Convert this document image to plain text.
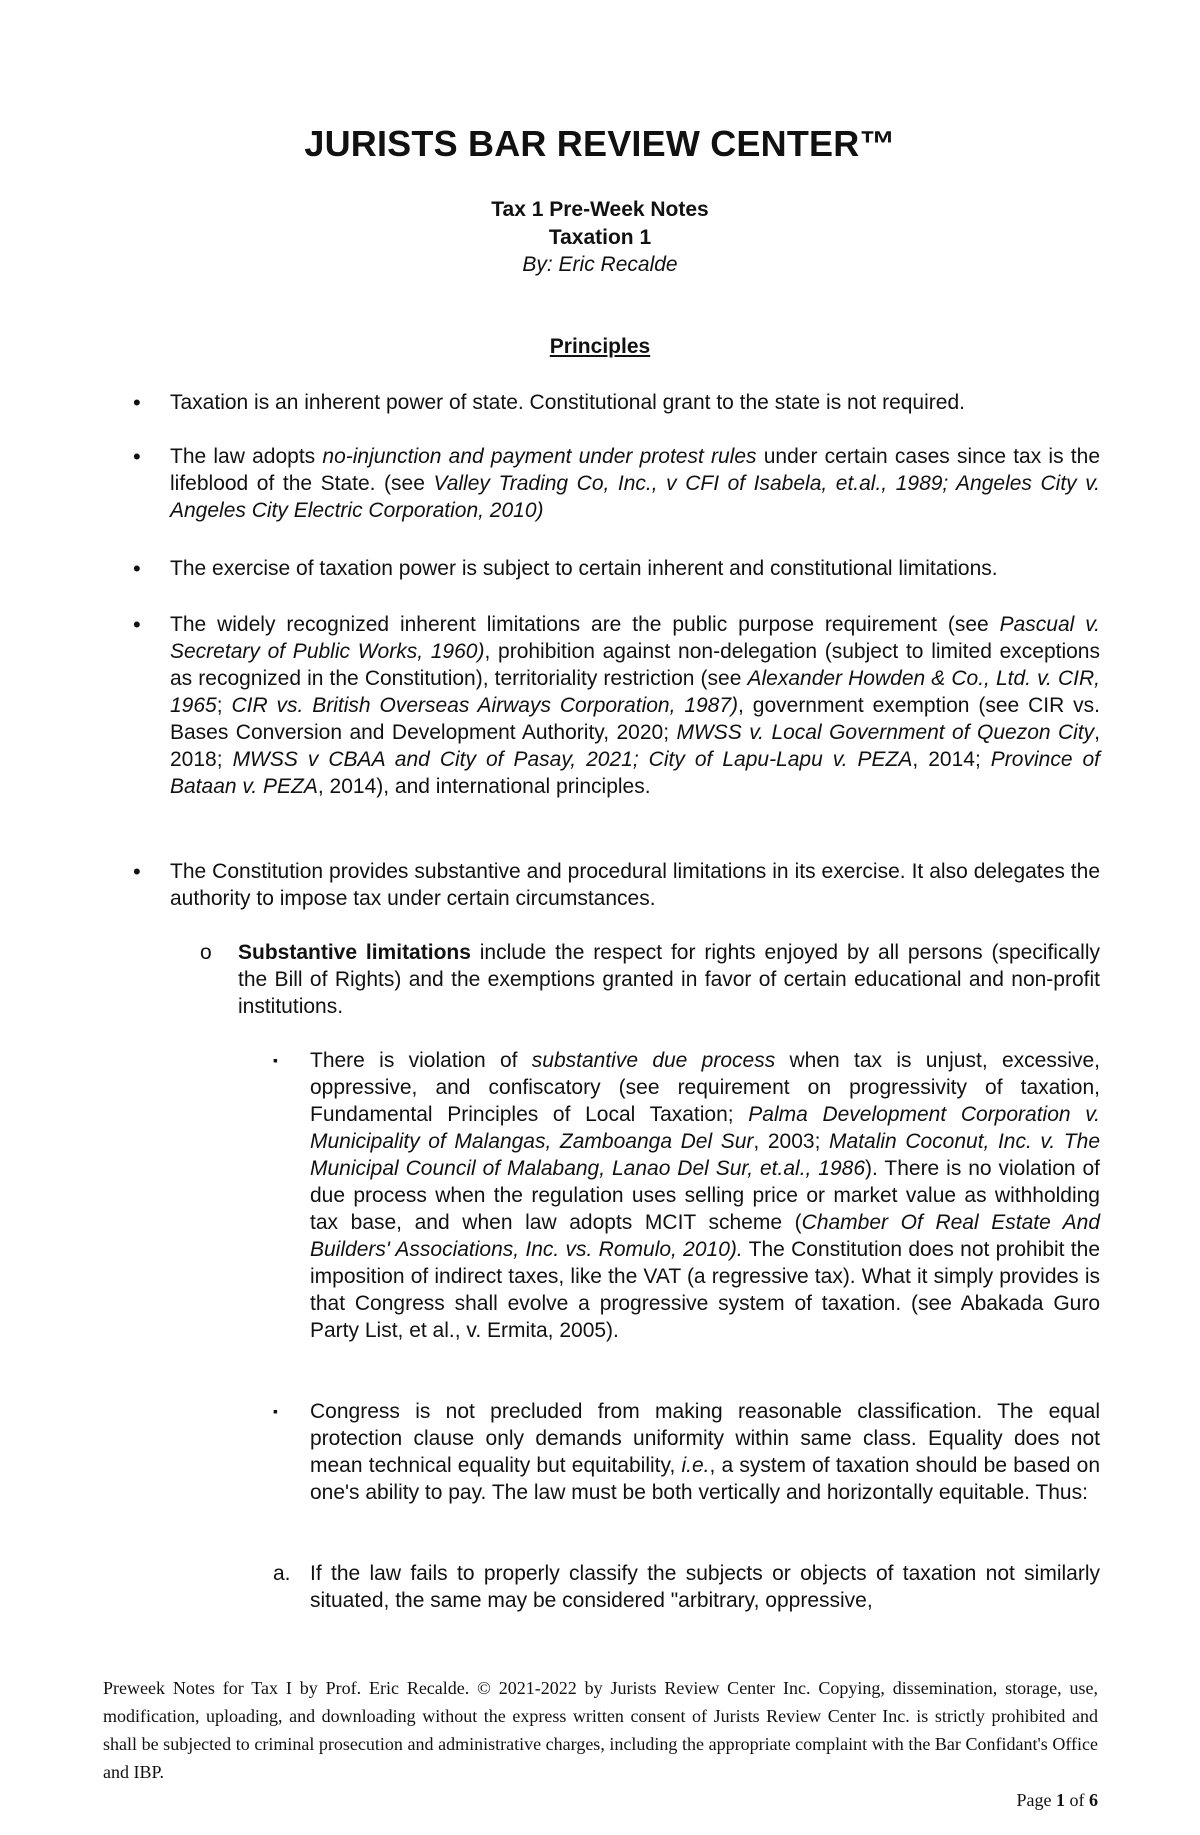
JURISTS BAR REVIEW CENTER™
Tax 1 Pre-Week Notes
Taxation 1
By: Eric Recalde
Principles
• Taxation is an inherent power of state. Constitutional grant to the state is not required.
• The law adopts no-injunction and payment under protest rules under certain cases since tax is the lifeblood of the State. (see Valley Trading Co, Inc., v CFI of Isabela, et.al., 1989; Angeles City v. Angeles City Electric Corporation, 2010)
• The exercise of taxation power is subject to certain inherent and constitutional limitations.
• The widely recognized inherent limitations are the public purpose requirement (see Pascual v. Secretary of Public Works, 1960), prohibition against non-delegation (subject to limited exceptions as recognized in the Constitution), territoriality restriction (see Alexander Howden & Co., Ltd. v. CIR, 1965; CIR vs. British Overseas Airways Corporation, 1987), government exemption (see CIR vs. Bases Conversion and Development Authority, 2020; MWSS v. Local Government of Quezon City, 2018; MWSS v CBAA and City of Pasay, 2021; City of Lapu-Lapu v. PEZA, 2014; Province of Bataan v. PEZA, 2014), and international principles.
• The Constitution provides substantive and procedural limitations in its exercise. It also delegates the authority to impose tax under certain circumstances.
o Substantive limitations include the respect for rights enjoyed by all persons (specifically the Bill of Rights) and the exemptions granted in favor of certain educational and non-profit institutions.
▪ There is violation of substantive due process when tax is unjust, excessive, oppressive, and confiscatory (see requirement on progressivity of taxation, Fundamental Principles of Local Taxation; Palma Development Corporation v. Municipality of Malangas, Zamboanga Del Sur, 2003; Matalin Coconut, Inc. v. The Municipal Council of Malabang, Lanao Del Sur, et.al., 1986). There is no violation of due process when the regulation uses selling price or market value as withholding tax base, and when law adopts MCIT scheme (Chamber Of Real Estate And Builders' Associations, Inc. vs. Romulo, 2010). The Constitution does not prohibit the imposition of indirect taxes, like the VAT (a regressive tax). What it simply provides is that Congress shall evolve a progressive system of taxation. (see Abakada Guro Party List, et al., v. Ermita, 2005).
▪ Congress is not precluded from making reasonable classification. The equal protection clause only demands uniformity within same class. Equality does not mean technical equality but equitability, i.e., a system of taxation should be based on one's ability to pay. The law must be both vertically and horizontally equitable. Thus:
a. If the law fails to properly classify the subjects or objects of taxation not similarly situated, the same may be considered "arbitrary, oppressive,
Preweek Notes for Tax I by Prof. Eric Recalde. © 2021-2022 by Jurists Review Center Inc. Copying, dissemination, storage, use, modification, uploading, and downloading without the express written consent of Jurists Review Center Inc. is strictly prohibited and shall be subjected to criminal prosecution and administrative charges, including the appropriate complaint with the Bar Confidant's Office and IBP.
Page 1 of 6
